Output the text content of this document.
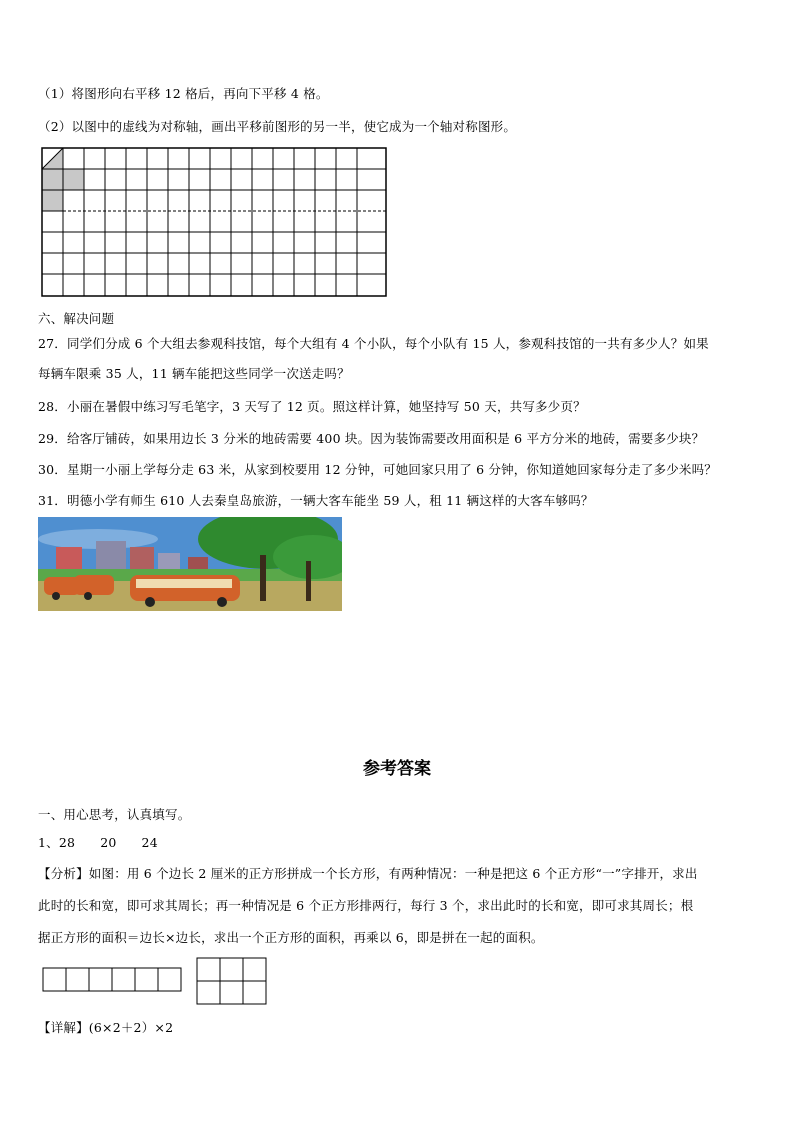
（1）将图形向右平移 12 格后，再向下平移 4 格。
（2）以图中的虚线为对称轴，画出平移前图形的另一半，使它成为一个轴对称图形。
六、解决问题
27．同学们分成 6 个大组去参观科技馆，每个大组有 4 个小队，每个小队有 15 人，参观科技馆的一共有多少人？如果
每辆车限乘 35 人，11 辆车能把这些同学一次送走吗？
28．小丽在暑假中练习写毛笔字，3 天写了 12 页。照这样计算，她坚持写 50 天，共写多少页？
29．给客厅铺砖，如果用边长 3 分米的地砖需要 400 块。因为装饰需要改用面积是 6 平方分米的地砖，需要多少块？
30．星期一小丽上学每分走 63 米，从家到校要用 12 分钟，可她回家只用了 6 分钟，你知道她回家每分走了多少米吗？
31．明德小学有师生 610 人去秦皇岛旅游，一辆大客车能坐 59 人，租 11 辆这样的大客车够吗？
参考答案
一、用心思考，认真填写。
1、28      20      24
【分析】如图：用 6 个边长 2 厘米的正方形拼成一个长方形，有两种情况：一种是把这 6 个正方形“一”字排开，求出
此时的长和宽，即可求其周长；再一种情况是 6 个正方形排两行，每行 3 个，求出此时的长和宽，即可求其周长；根
据正方形的面积＝边长×边长，求出一个正方形的面积，再乘以 6，即是拼在一起的面积。
【详解】(6×2＋2）×2
